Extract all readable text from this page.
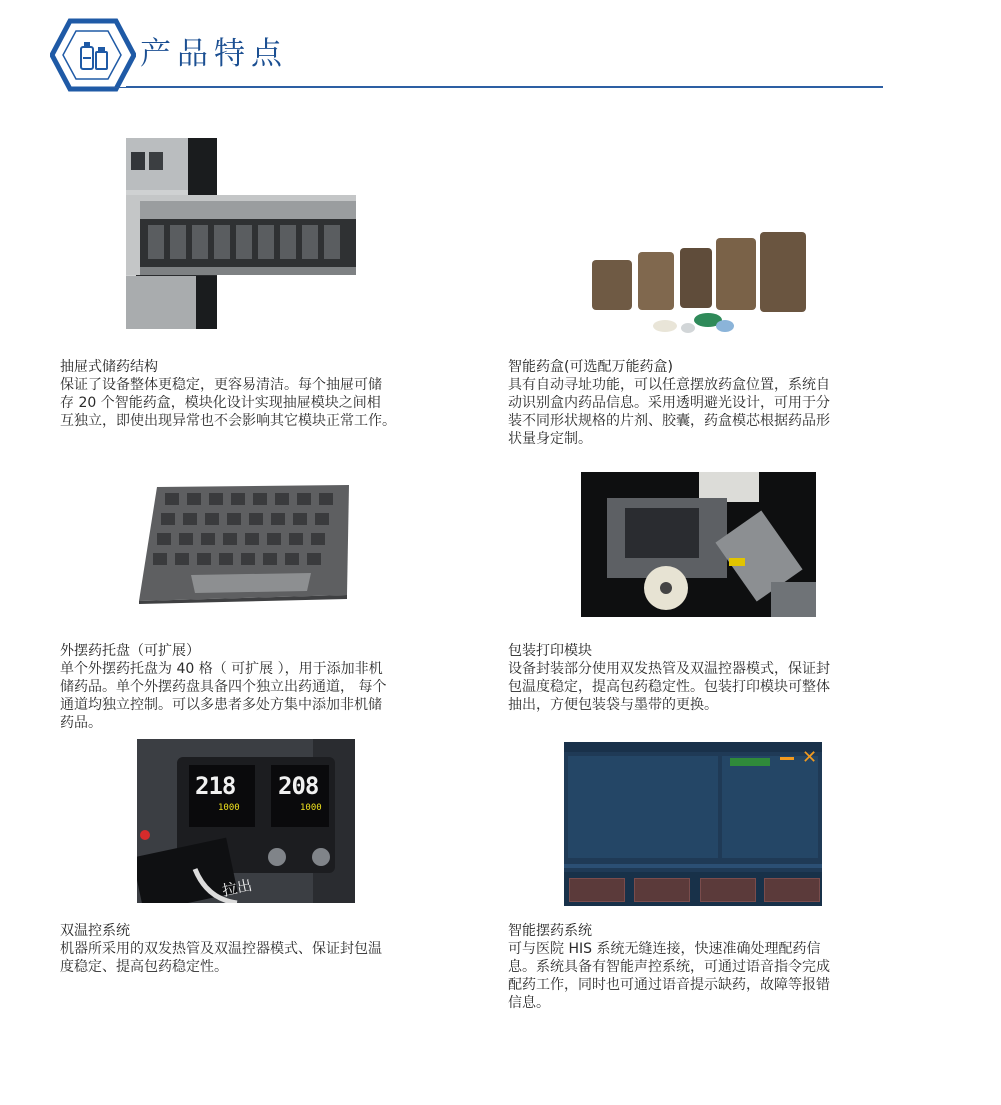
产品特点
218
1000
208
1000
拉出
✕
抽屉式储药结构
保证了设备整体更稳定，更容易清洁。每个抽屉可储
存 20 个智能药盒，模块化设计实现抽屉模块之间相
互独立，即使出现异常也不会影响其它模块正常工作。
智能药盒(可选配万能药盒)
具有自动寻址功能，可以任意摆放药盒位置，系统自
动识别盒内药品信息。采用透明避光设计，可用于分
装不同形状规格的片剂、胶囊，药盒模芯根据药品形
状量身定制。
外摆药托盘（可扩展）
单个外摆药托盘为 40 格（ 可扩展 ），用于添加非机
储药品。单个外摆药盘具备四个独立出药通道， 每个
通道均独立控制。可以多患者多处方集中添加非机储
药品。
包装打印模块
设备封装部分使用双发热管及双温控器模式，保证封
包温度稳定，提高包药稳定性。包装打印模块可整体
抽出，方便包装袋与墨带的更换。
双温控系统
机器所采用的双发热管及双温控器模式、保证封包温
度稳定、提高包药稳定性。
智能摆药系统
可与医院 HIS 系统无缝连接，快速准确处理配药信
息。系统具备有智能声控系统，可通过语音指令完成
配药工作，同时也可通过语音提示缺药，故障等报错
信息。
